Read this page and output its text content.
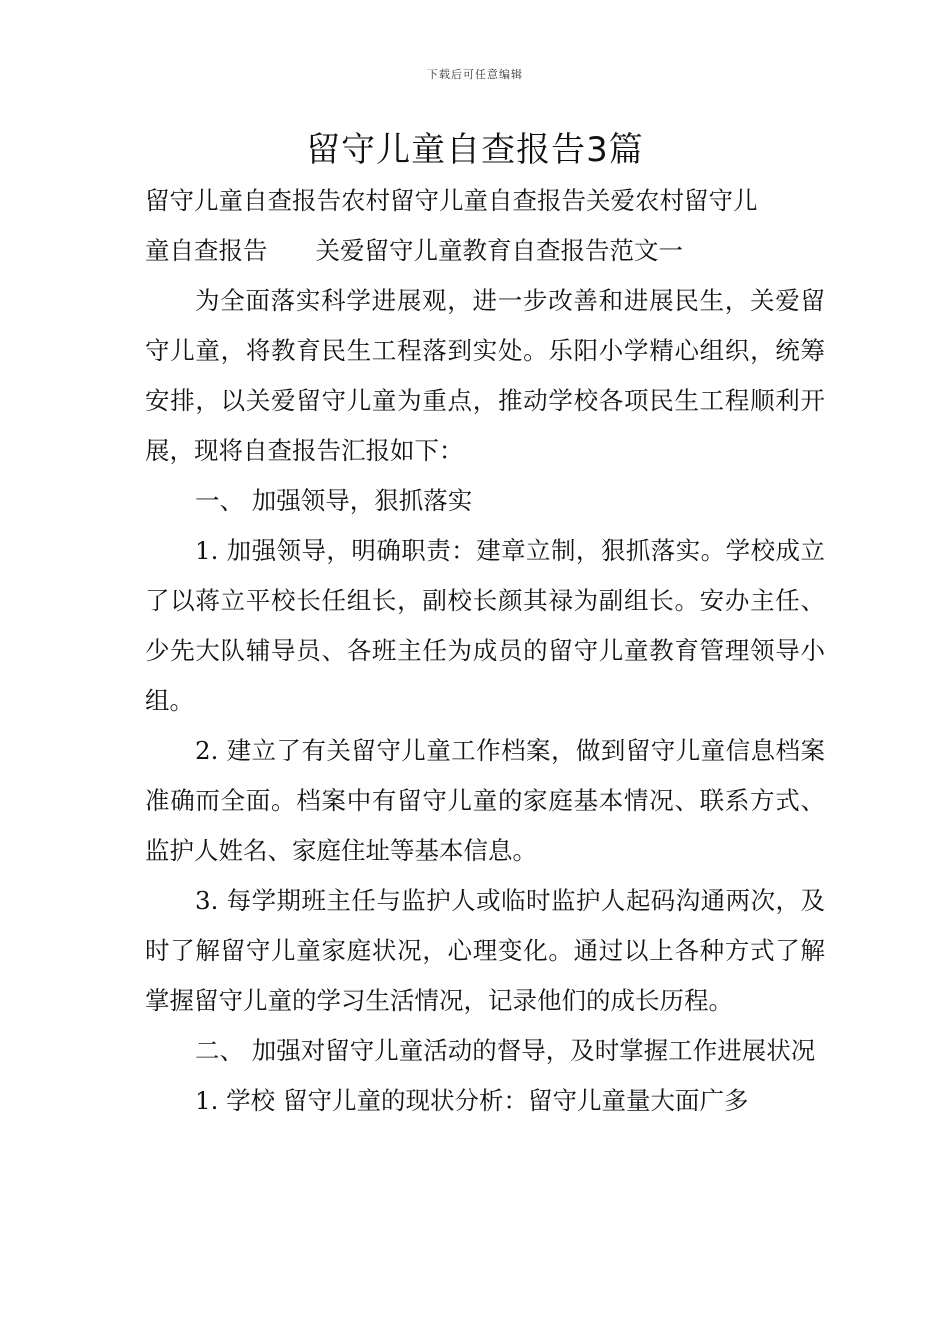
下载后可任意编辑
留守儿童自查报告3篇

留守儿童自查报告农村留守儿童自查报告关爱农村留守儿

童自查报告 关爱留守儿童教育自查报告范文一

为全面落实科学进展观，进一步改善和进展民生，关爱留守儿童，将教育民生工程落到实处。乐阳小学精心组织，统筹安排，以关爱留守儿童为重点，推动学校各项民生工程顺利开展，现将自查报告汇报如下：

一、 加强领导，狠抓落实

1. 加强领导，明确职责：建章立制，狠抓落实。学校成立了以蒋立平校长任组长，副校长颜其禄为副组长。安办主任、少先大队辅导员、各班主任为成员的留守儿童教育管理领导小组。

2. 建立了有关留守儿童工作档案，做到留守儿童信息档案准确而全面。档案中有留守儿童的家庭基本情况、联系方式、监护人姓名、家庭住址等基本信息。

3. 每学期班主任与监护人或临时监护人起码沟通两次，及时了解留守儿童家庭状况，心理变化。通过以上各种方式了解掌握留守儿童的学习生活情况，记录他们的成长历程。

二、 加强对留守儿童活动的督导，及时掌握工作进展状况

1. 学校 留守儿童的现状分析：留守儿童量大面广多
